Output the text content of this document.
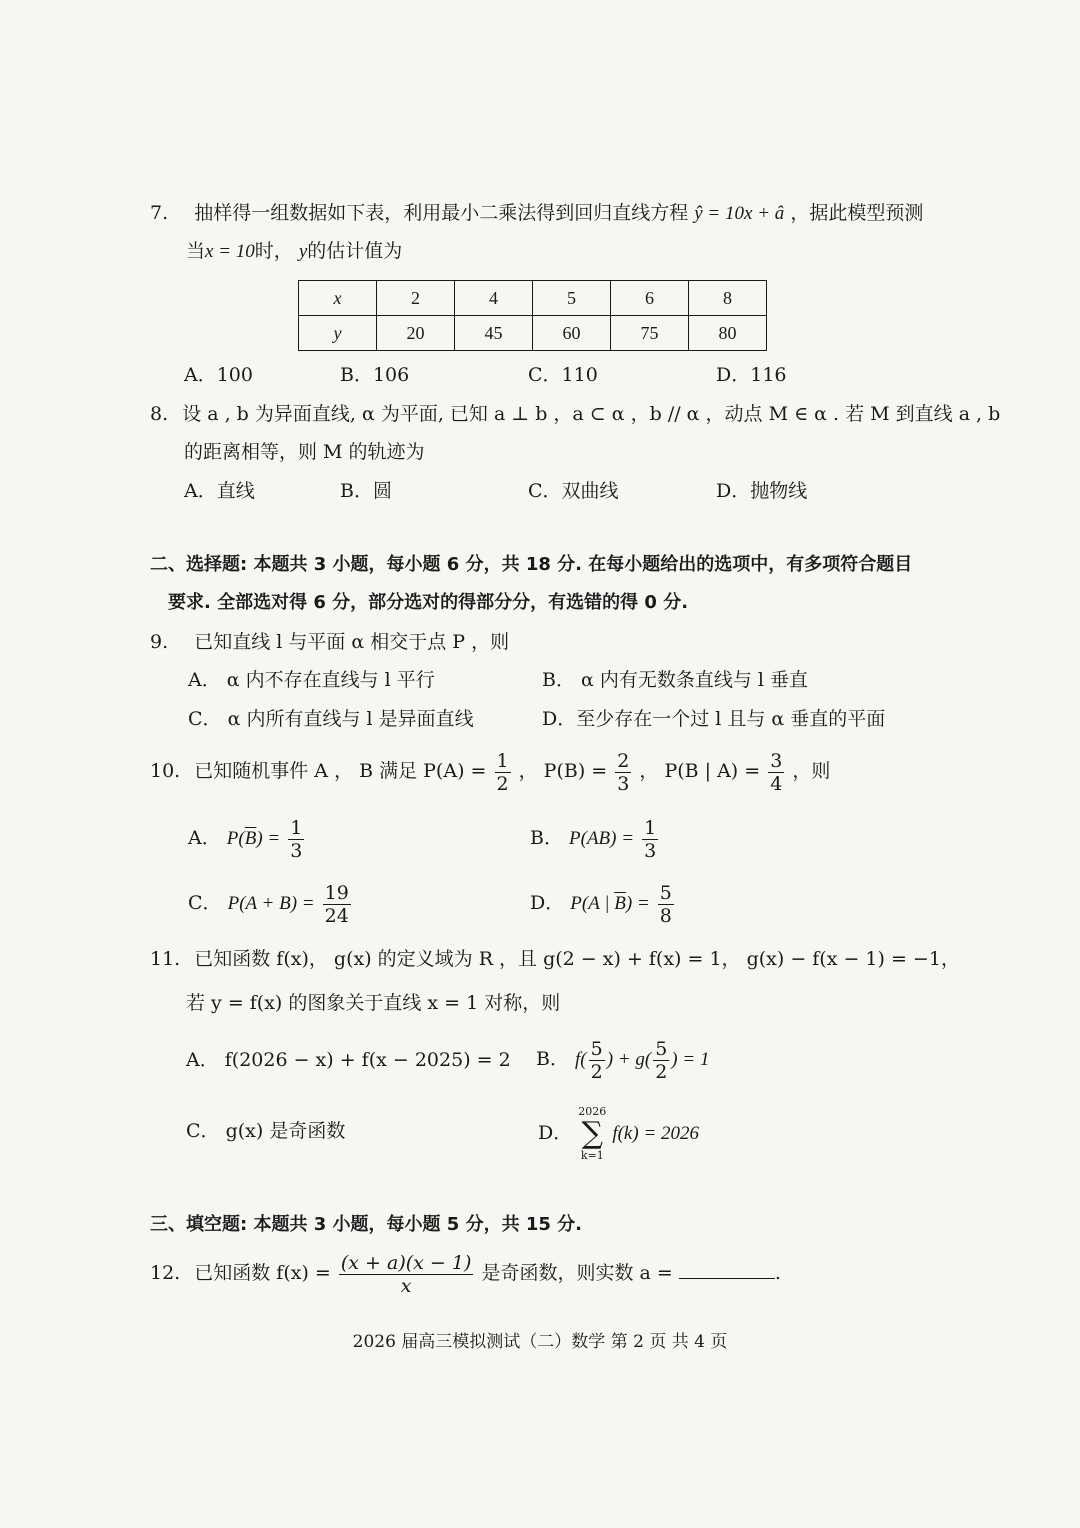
7. 抽样得一组数据如下表，利用最小二乘法得到回归直线方程 ŷ = 10x + â ，据此模型预测
当x = 10时， y的估计值为
x	2	4	5	6	8
y	20	45	60	75	80
A．100	B．106	C．110	D．116
8. 设 a , b 为异面直线, α 为平面, 已知 a ⊥ b ，a ⊂ α ，b // α ，动点 M ∈ α . 若 M 到直线 a , b
的距离相等，则 M 的轨迹为
A．直线	B．圆	C．双曲线	D．抛物线
二、选择题: 本题共 3 小题，每小题 6 分，共 18 分. 在每小题给出的选项中，有多项符合题目
要求. 全部选对得 6 分，部分选对的得部分分，有选错的得 0 分.
9. 已知直线 l 与平面 α 相交于点 P ，则
A． α 内不存在直线与 l 平行	B． α 内有无数条直线与 l 垂直
C． α 内所有直线与 l 是异面直线	D．至少存在一个过 l 且与 α 垂直的平面
10. 已知随机事件 A ， B 满足 $P(A) = \frac{1}{2}$ ， $P(B) = \frac{2}{3}$ ， P(B | $A) = \frac{3}{4}$ ，则
A． $P(\overline{B}) = \frac{1}{3}$	B． $P(AB) = \frac{1}{3}$
C． $P(A + B) = \frac{19}{24}$	D． P(A | $\overline{B}) = \frac{5}{8}$
11. 已知函数 f(x)， g(x) 的定义域为 R ，且 g(2 − x) + f(x) = 1， g(x) − f(x − 1) = −1，
若 y = f(x) 的图象关于直线 x = 1 对称，则
A． f(2026 − x) + f(x − 2025) = 2 B． $f( \frac{5}{2}$ ) + $g( \frac{5}{2}$ ) = 1
C． g(x) 是奇函数	D．
2026
∑
k=1
f(k) = 2026
三、填空题: 本题共 3 小题，每小题 5 分，共 15 分.
12. 已知函数 $f(x) = \frac{(x + a)(x - 1)}{x}$ 是奇函数，则实数 a =	.
2026 届高三模拟测试（二）数学 第 2 页 共 4 页
